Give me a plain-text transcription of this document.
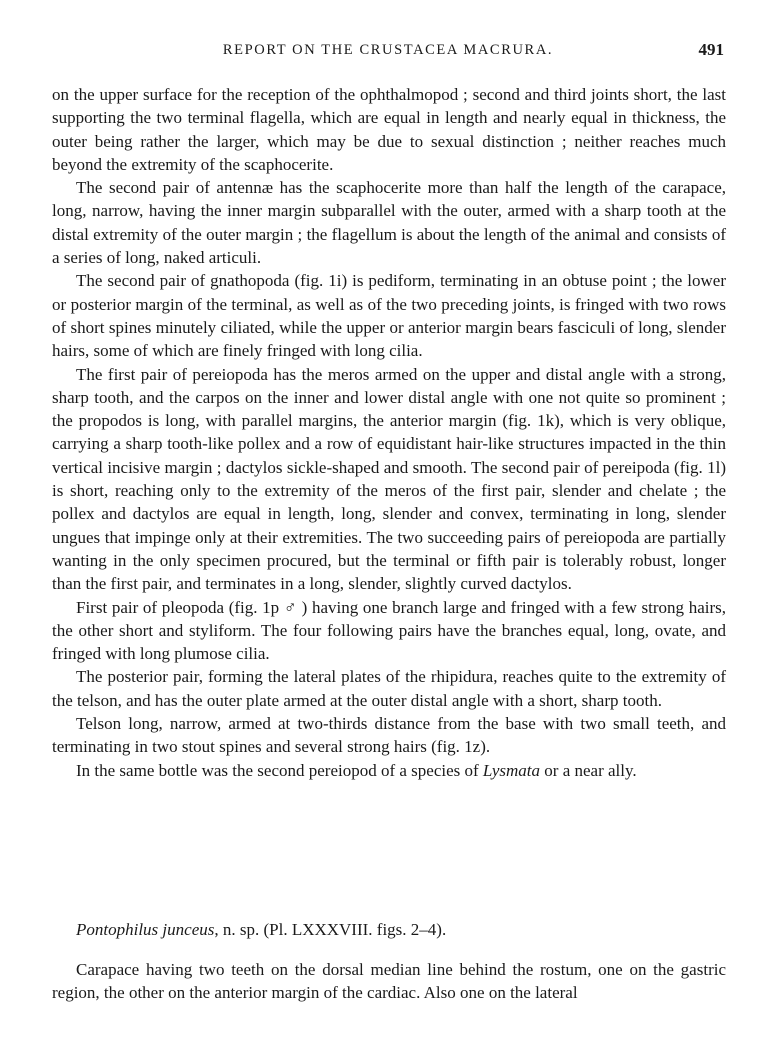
REPORT ON THE CRUSTACEA MACRURA.	491

on the upper surface for the reception of the ophthalmopod ; second and third joints short, the last supporting the two terminal flagella, which are equal in length and nearly equal in thickness, the outer being rather the larger, which may be due to sexual distinction ; neither reaches much beyond the extremity of the scaphocerite.

The second pair of antennæ has the scaphocerite more than half the length of the carapace, long, narrow, having the inner margin subparallel with the outer, armed with a sharp tooth at the distal extremity of the outer margin ; the flagellum is about the length of the animal and consists of a series of long, naked articuli.

The second pair of gnathopoda (fig. 1i) is pediform, terminating in an obtuse point ; the lower or posterior margin of the terminal, as well as of the two preceding joints, is fringed with two rows of short spines minutely ciliated, while the upper or anterior margin bears fasciculi of long, slender hairs, some of which are finely fringed with long cilia.

The first pair of pereiopoda has the meros armed on the upper and distal angle with a strong, sharp tooth, and the carpos on the inner and lower distal angle with one not quite so prominent ; the propodos is long, with parallel margins, the anterior margin (fig. 1k), which is very oblique, carrying a sharp tooth-like pollex and a row of equidistant hair-like structures impacted in the thin vertical incisive margin ; dactylos sickle-shaped and smooth. The second pair of pereipoda (fig. 1l) is short, reaching only to the extremity of the meros of the first pair, slender and chelate ; the pollex and dactylos are equal in length, long, slender and convex, terminating in long, slender ungues that impinge only at their extremities. The two succeeding pairs of pereiopoda are partially wanting in the only specimen procured, but the terminal or fifth pair is tolerably robust, longer than the first pair, and terminates in a long, slender, slightly curved dactylos.

First pair of pleopoda (fig. 1p ♂ ) having one branch large and fringed with a few strong hairs, the other short and styliform. The four following pairs have the branches equal, long, ovate, and fringed with long plumose cilia.

The posterior pair, forming the lateral plates of the rhipidura, reaches quite to the extremity of the telson, and has the outer plate armed at the outer distal angle with a short, sharp tooth.

Telson long, narrow, armed at two-thirds distance from the base with two small teeth, and terminating in two stout spines and several strong hairs (fig. 1z).

In the same bottle was the second pereiopod of a species of Lysmata or a near ally.

Pontophilus junceus, n. sp. (Pl. LXXXVIII. figs. 2–4).

Carapace having two teeth on the dorsal median line behind the rostum, one on the gastric region, the other on the anterior margin of the cardiac. Also one on the lateral
